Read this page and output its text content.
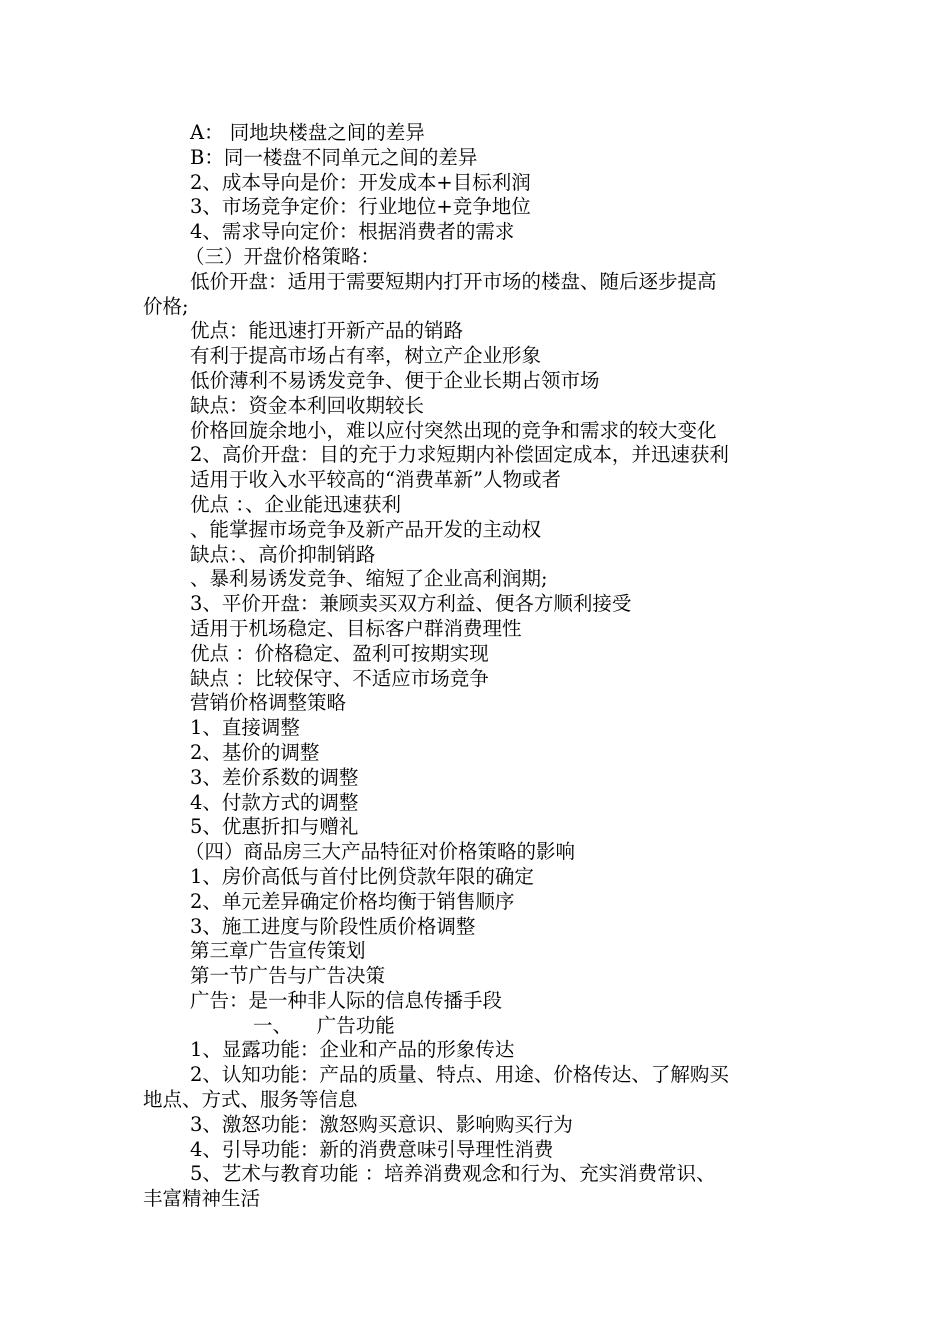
A： 同地块楼盘之间的差异
B：同一楼盘不同单元之间的差异
2、成本导向是价：开发成本+目标利润
3、市场竞争定价：行业地位+竞争地位
4、需求导向定价：根据消费者的需求
（三）开盘价格策略：
低价开盘：适用于需要短期内打开市场的楼盘、随后逐步提高
价格;
优点：能迅速打开新产品的销路
有利于提高市场占有率，树立产企业形象
低价薄利不易诱发竞争、便于企业长期占领市场
缺点：资金本利回收期较长
价格回旋余地小，难以应付突然出现的竞争和需求的较大变化
2、高价开盘：目的充于力求短期内补偿固定成本，并迅速获利
适用于收入水平较高的“消费革新”人物或者
优点 ：、企业能迅速获利
、能掌握市场竞争及新产品开发的主动权
缺点：、高价抑制销路
、暴利易诱发竞争、缩短了企业高利润期;
3、平价开盘：兼顾卖买双方利益、便各方顺利接受
适用于机场稳定、目标客户群消费理性
优点 ：价格稳定、盈利可按期实现
缺点 ：比较保守、不适应市场竞争
营销价格调整策略
1、直接调整
2、基价的调整
3、差价系数的调整
4、付款方式的调整
5、优惠折扣与赠礼
（四）商品房三大产品特征对价格策略的影响
1、房价高低与首付比例贷款年限的确定
2、单元差异确定价格均衡于销售顺序
3、施工进度与阶段性质价格调整
第三章广告宣传策划
第一节广告与广告决策
广告：是一种非人际的信息传播手段
一、    广告功能
1、显露功能：企业和产品的形象传达
2、认知功能：产品的质量、特点、用途、价格传达、了解购买
地点、方式、服务等信息
3、激怒功能：激怒购买意识、影响购买行为
4、引导功能：新的消费意味引导理性消费
5、艺术与教育功能 ：培养消费观念和行为、充实消费常识、
丰富精神生活
